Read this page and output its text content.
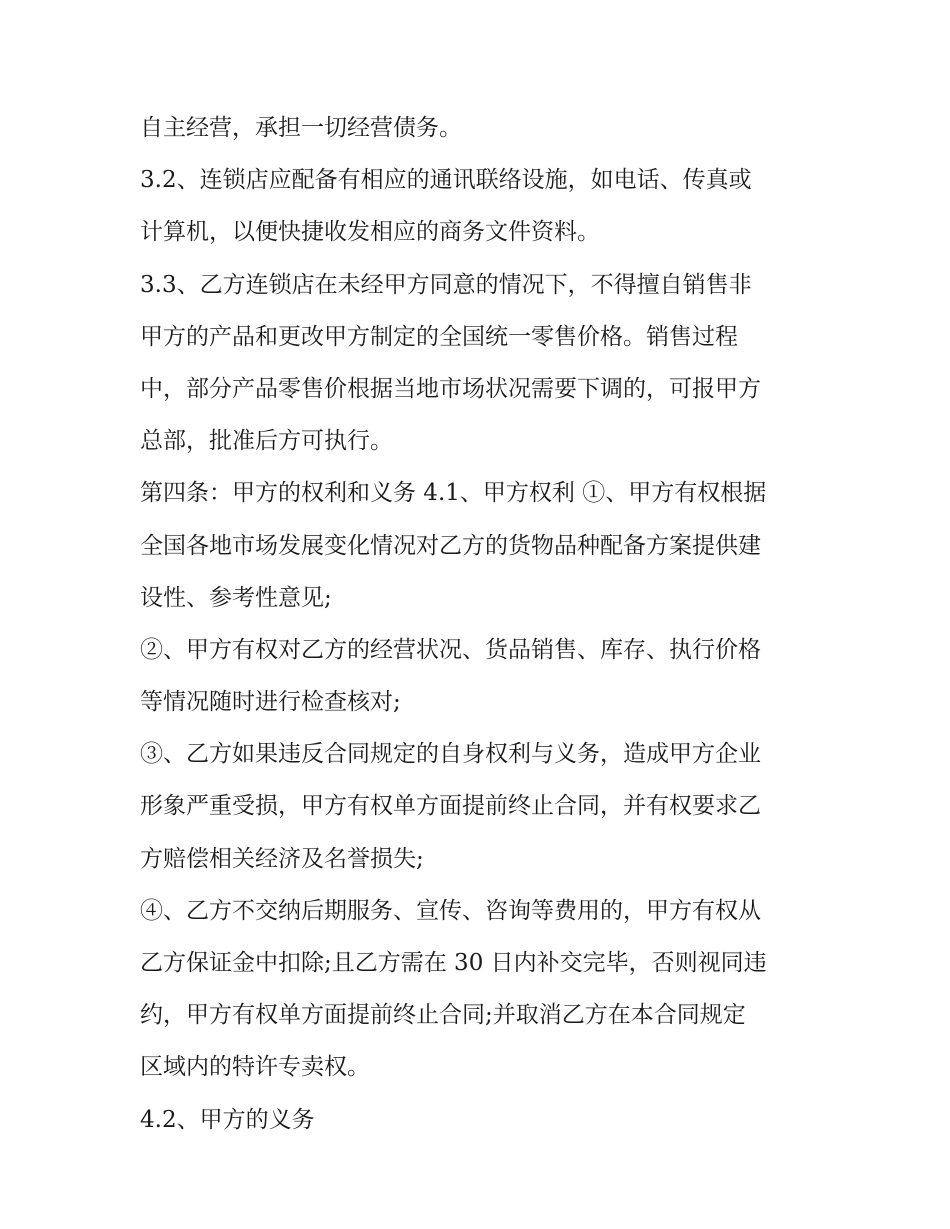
自主经营，承担一切经营债务。
3.2、连锁店应配备有相应的通讯联络设施，如电话、传真或
计算机，以便快捷收发相应的商务文件资料。
3.3、乙方连锁店在未经甲方同意的情况下，不得擅自销售非
甲方的产品和更改甲方制定的全国统一零售价格。销售过程
中，部分产品零售价根据当地市场状况需要下调的，可报甲方
总部，批准后方可执行。
第四条：甲方的权利和义务 4.1、甲方权利 ①、甲方有权根据
全国各地市场发展变化情况对乙方的货物品种配备方案提供建
设性、参考性意见;
②、甲方有权对乙方的经营状况、货品销售、库存、执行价格
等情况随时进行检查核对;
③、乙方如果违反合同规定的自身权利与义务，造成甲方企业
形象严重受损，甲方有权单方面提前终止合同，并有权要求乙
方赔偿相关经济及名誉损失;
④、乙方不交纳后期服务、宣传、咨询等费用的，甲方有权从
乙方保证金中扣除;且乙方需在 30 日内补交完毕，否则视同违
约，甲方有权单方面提前终止合同;并取消乙方在本合同规定
区域内的特许专卖权。
4.2、甲方的义务
